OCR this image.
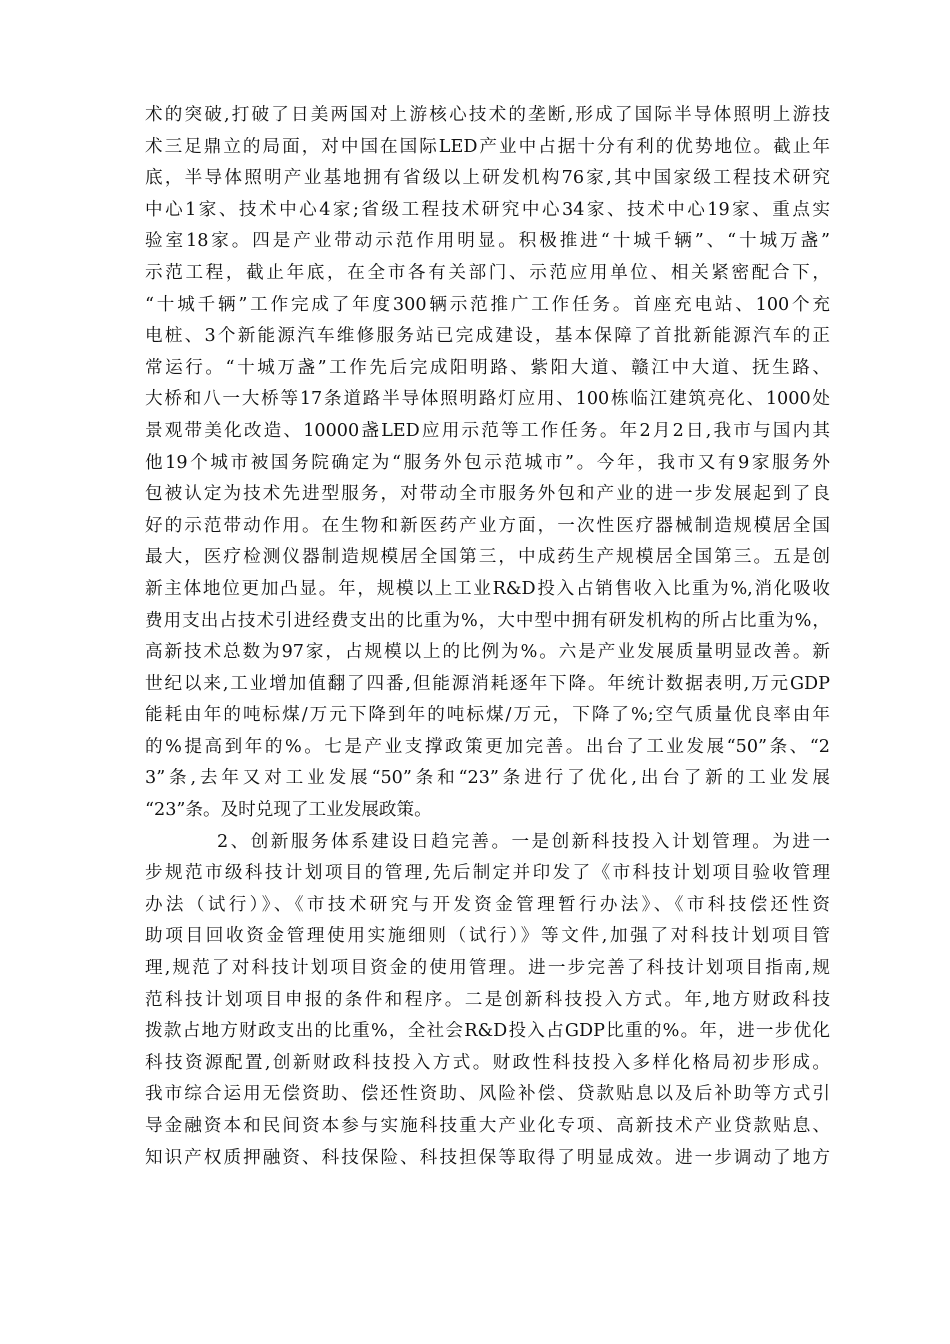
术的突破,打破了日美两国对上游核心技术的垄断,形成了国际半导体照明上游技
术三足鼎立的局面，对中国在国际LED产业中占据十分有利的优势地位。截止年
底，半导体照明产业基地拥有省级以上研发机构76家,其中国家级工程技术研究
中心1家、技术中心4家;省级工程技术研究中心34家、技术中心19家、重点实
验室18家。四是产业带动示范作用明显。积极推进“十城千辆”、“十城万盏”
示范工程，截止年底，在全市各有关部门、示范应用单位、相关紧密配合下，
“十城千辆”工作完成了年度300辆示范推广工作任务。首座充电站、100个充
电桩、3个新能源汽车维修服务站已完成建设，基本保障了首批新能源汽车的正
常运行。“十城万盏”工作先后完成阳明路、紫阳大道、赣江中大道、抚生路、
大桥和八一大桥等17条道路半导体照明路灯应用、100栋临江建筑亮化、1000处
景观带美化改造、10000盏LED应用示范等工作任务。年2月2日,我市与国内其
他19个城市被国务院确定为“服务外包示范城市”。今年，我市又有9家服务外
包被认定为技术先进型服务，对带动全市服务外包和产业的进一步发展起到了良
好的示范带动作用。在生物和新医药产业方面，一次性医疗器械制造规模居全国
最大，医疗检测仪器制造规模居全国第三，中成药生产规模居全国第三。五是创
新主体地位更加凸显。年，规模以上工业R&D投入占销售收入比重为%,消化吸收
费用支出占技术引进经费支出的比重为%，大中型中拥有研发机构的所占比重为%，
高新技术总数为97家，占规模以上的比例为%。六是产业发展质量明显改善。新
世纪以来,工业增加值翻了四番,但能源消耗逐年下降。年统计数据表明,万元GDP
能耗由年的吨标煤/万元下降到年的吨标煤/万元，下降了%;空气质量优良率由年
的%提高到年的%。七是产业支撑政策更加完善。出台了工业发展“50”条、“2
3”条,去年又对工业发展“50”条和“23”条进行了优化,出台了新的工业发展
“23”条。及时兑现了工业发展政策。
2、创新服务体系建设日趋完善。一是创新科技投入计划管理。为进一
步规范市级科技计划项目的管理,先后制定并印发了《市科技计划项目验收管理
办法（试行）》、《市技术研究与开发资金管理暂行办法》、《市科技偿还性资
助项目回收资金管理使用实施细则（试行）》等文件,加强了对科技计划项目管
理,规范了对科技计划项目资金的使用管理。进一步完善了科技计划项目指南,规
范科技计划项目申报的条件和程序。二是创新科技投入方式。年,地方财政科技
拨款占地方财政支出的比重%，全社会R&D投入占GDP比重的%。年，进一步优化
科技资源配置,创新财政科技投入方式。财政性科技投入多样化格局初步形成。
我市综合运用无偿资助、偿还性资助、风险补偿、贷款贴息以及后补助等方式引
导金融资本和民间资本参与实施科技重大产业化专项、高新技术产业贷款贴息、
知识产权质押融资、科技保险、科技担保等取得了明显成效。进一步调动了地方
